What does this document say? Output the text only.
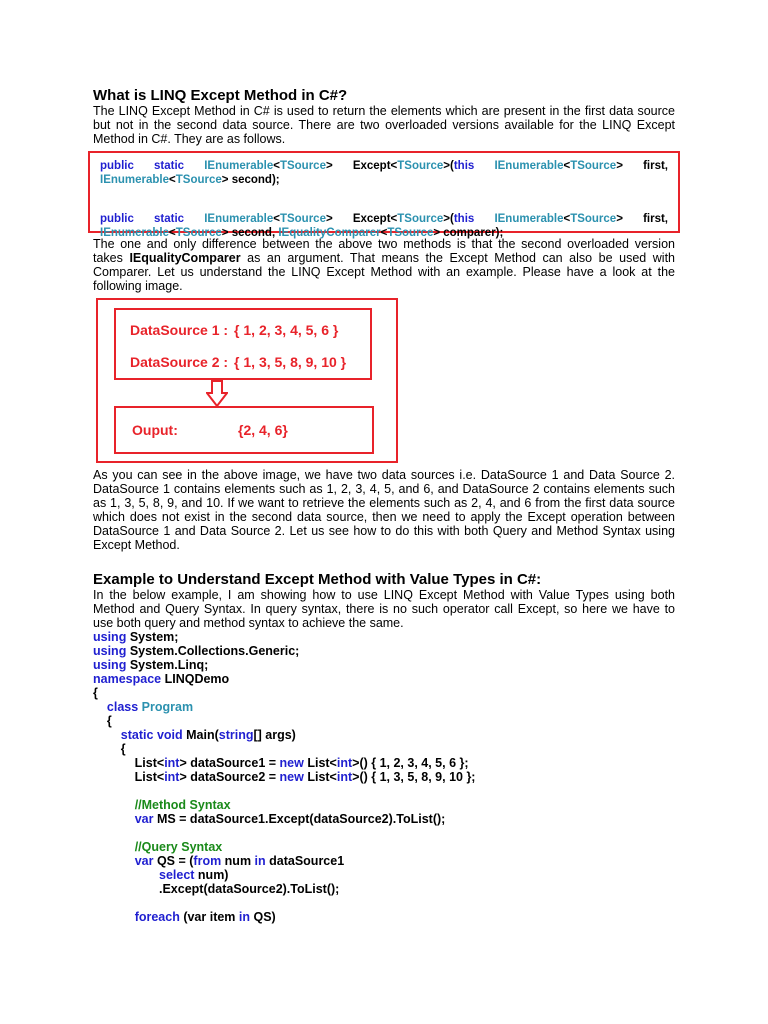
What is LINQ Except Method in C#?

The LINQ Except Method in C# is used to return the elements which are present in the first data source but not in the second data source. There are two overloaded versions available for the LINQ Except Method in C#. They are as follows.

public static IEnumerable<TSource> Except<TSource>(this IEnumerable<TSource> first, IEnumerable<TSource> second);
public static IEnumerable<TSource> Except<TSource>(this IEnumerable<TSource> first, IEnumerable<TSource> second, IEqualityComparer<TSource> comparer);

The one and only difference between the above two methods is that the second overloaded version takes IEqualityComparer as an argument. That means the Except Method can also be used with Comparer. Let us understand the LINQ Except Method with an example. Please have a look at the following image.

DataSource 1 : { 1, 2, 3, 4, 5, 6 }
DataSource 2 : { 1, 3, 5, 8, 9, 10 }
Ouput:	{2, 4, 6}

As you can see in the above image, we have two data sources i.e. DataSource 1 and Data Source 2. DataSource 1 contains elements such as 1, 2, 3, 4, 5, and 6, and DataSource 2 contains elements such as 1, 3, 5, 8, 9, and 10. If we want to retrieve the elements such as 2, 4, and 6 from the first data source which does not exist in the second data source, then we need to apply the Except operation between DataSource 1 and Data Source 2. Let us see how to do this with both Query and Method Syntax using Except Method.

Example to Understand Except Method with Value Types in C#:

In the below example, I am showing how to use LINQ Except Method with Value Types using both Method and Query Syntax. In query syntax, there is no such operator call Except, so here we have to use both query and method syntax to achieve the same.

using System;
using System.Collections.Generic;
using System.Linq;
namespace LINQDemo
{
class Program
{
static void Main(string[] args)
{
List<int> dataSource1 = new List<int>() { 1, 2, 3, 4, 5, 6 };
List<int> dataSource2 = new List<int>() { 1, 3, 5, 8, 9, 10 };
//Method Syntax
var MS = dataSource1.Except(dataSource2).ToList();
//Query Syntax
var QS = (from num in dataSource1
select num)
.Except(dataSource2).ToList();
foreach (var item in QS)
